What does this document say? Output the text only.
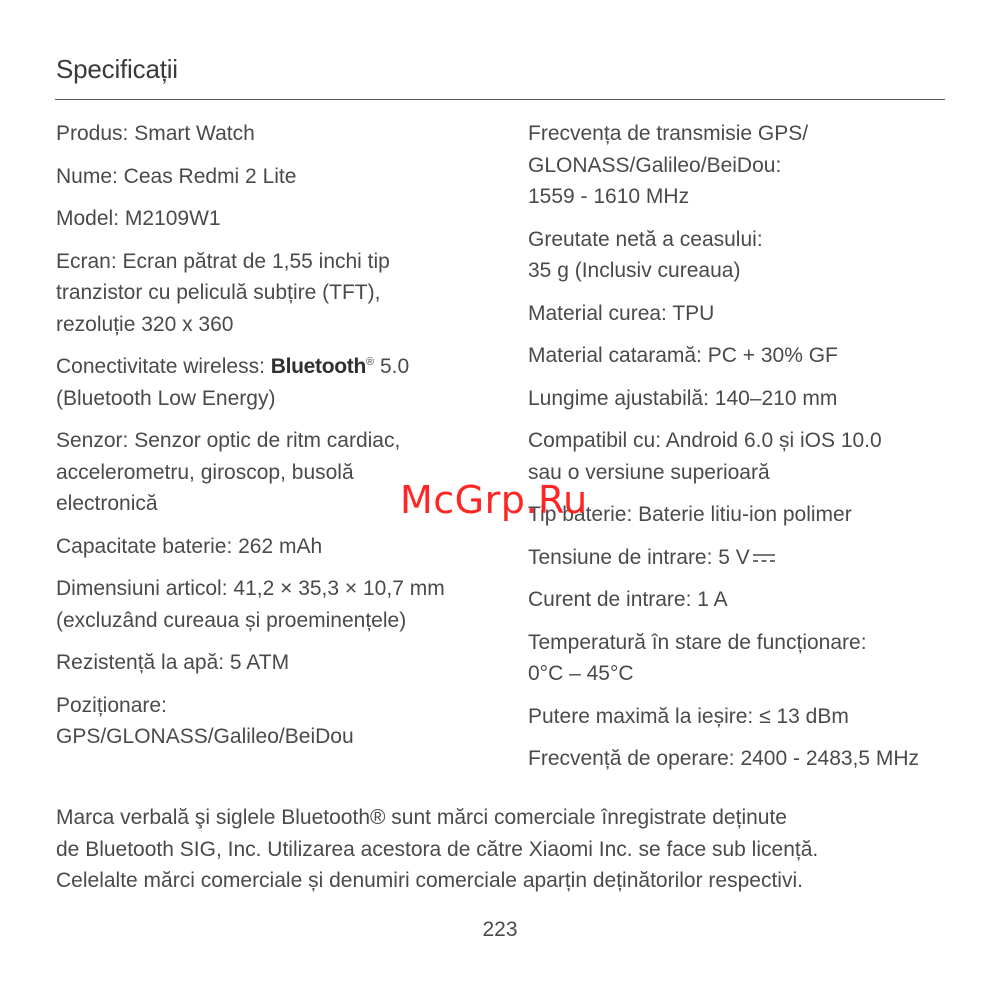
Specificații
Produs: Smart Watch
Nume: Ceas Redmi 2 Lite
Model: M2109W1
Ecran: Ecran pătrat de 1,55 inchi tip
tranzistor cu peliculă subțire (TFT),
rezoluție 320 x 360
Conectivitate wireless: Bluetooth® 5.0
(Bluetooth Low Energy)
Senzor: Senzor optic de ritm cardiac,
accelerometru, giroscop, busolă
electronică
Capacitate baterie: 262 mAh
Dimensiuni articol: 41,2 × 35,3 × 10,7 mm
(excluzând cureaua și proeminențele)
Rezistență la apă: 5 ATM
Poziționare:
GPS/GLONASS/Galileo/BeiDou
Frecvența de transmisie GPS/
GLONASS/Galileo/BeiDou:
1559 - 1610 MHz
Greutate netă a ceasului:
35 g (Inclusiv cureaua)
Material curea: TPU
Material cataramă: PC + 30% GF
Lungime ajustabilă: 140–210 mm
Compatibil cu: Android 6.0 și iOS 10.0
sau o versiune superioară
Tip baterie: Baterie litiu-ion polimer
Tensiune de intrare: 5 V
Curent de intrare: 1 A
Temperatură în stare de funcționare:
0°C – 45°C
Putere maximă la ieșire: ≤ 13 dBm
Frecvență de operare: 2400 - 2483,5 MHz
Marca verbală şi siglele Bluetooth® sunt mărci comerciale înregistrate deținute
de Bluetooth SIG, Inc. Utilizarea acestora de către Xiaomi Inc. se face sub licență.
Celelalte mărci comerciale și denumiri comerciale aparțin deținătorilor respectivi.
223
McGrp.Ru
